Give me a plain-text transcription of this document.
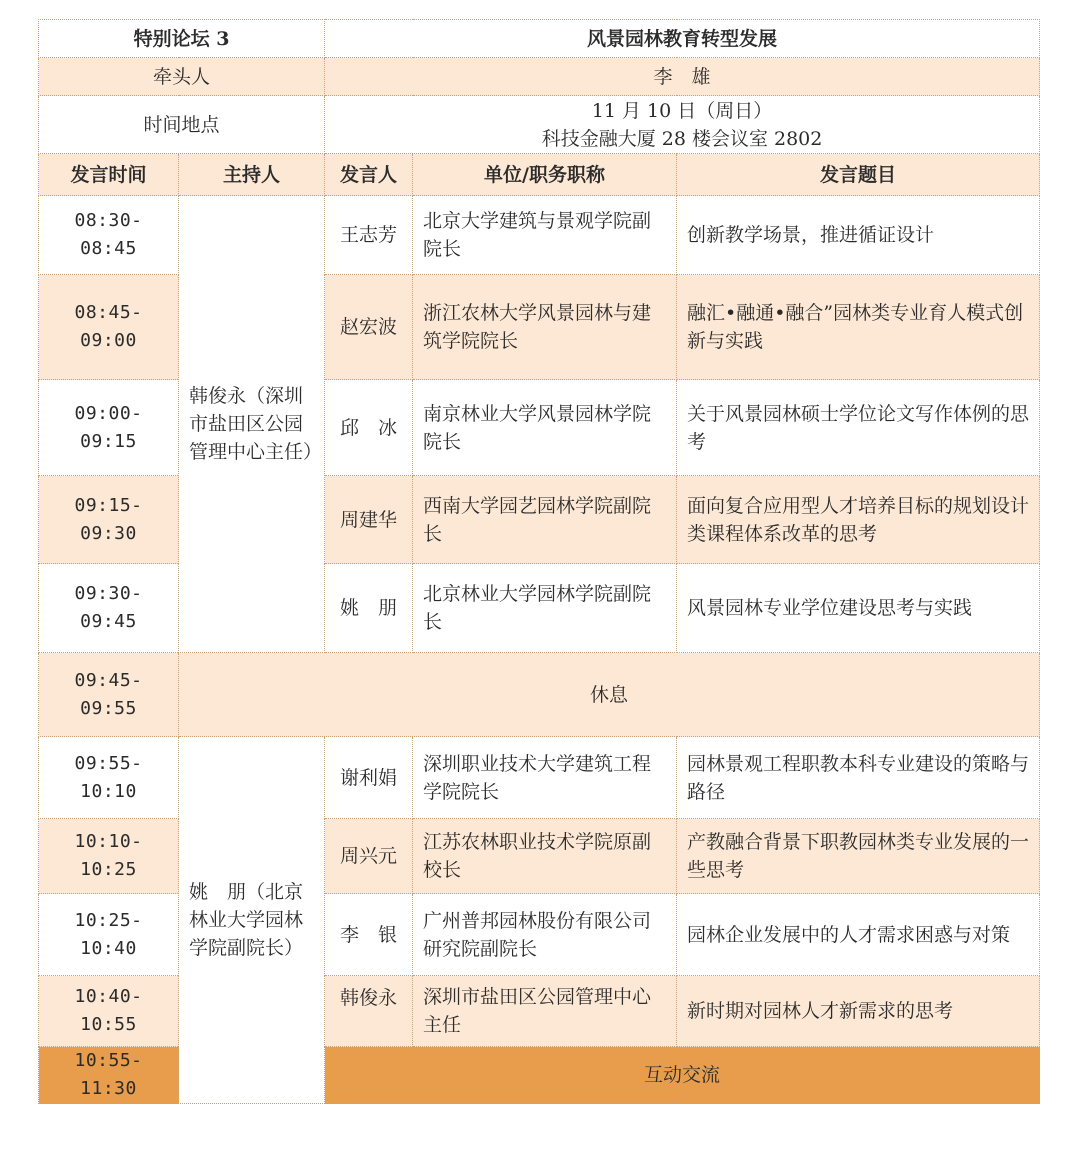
特别论坛 3		风景园林教育转型发展		
牵头人		李　雄		
时间地点		11 月 10 日（周日）
科技金融大厦 28 楼会议室 2802		

发言时间	主持人	发言人	单位/职务职称	发言题目
08:30-08:45	韩俊永（深圳市盐田区公园管理中心主任）	王志芳	北京大学建筑与景观学院副院长	创新教学场景，推进循证设计
08:45-09:00		赵宏波	浙江农林大学风景园林与建筑学院院长	融汇•融通•融合”园林类专业育人模式创新与实践
09:00-09:15		邱　冰	南京林业大学风景园林学院院长	关于风景园林硕士学位论文写作体例的思考
09:15-09:30		周建华	西南大学园艺园林学院副院长	面向复合应用型人才培养目标的规划设计类课程体系改革的思考
09:30-09:45		姚　朋	北京林业大学园林学院副院长	风景园林专业学位建设思考与实践
09:45-09:55	休息			
09:55-10:10	姚　朋（北京林业大学园林学院副院长）	谢利娟	深圳职业技术大学建筑工程学院院长	园林景观工程职教本科专业建设的策略与路径
10:10-10:25		周兴元	江苏农林职业技术学院原副校长	产教融合背景下职教园林类专业发展的一些思考
10:25-10:40		李　银	广州普邦园林股份有限公司研究院副院长	园林企业发展中的人才需求困惑与对策
10:40-10:55		韩俊永	深圳市盐田区公园管理中心主任	新时期对园林人才新需求的思考
10:55-11:30		互动交流		
